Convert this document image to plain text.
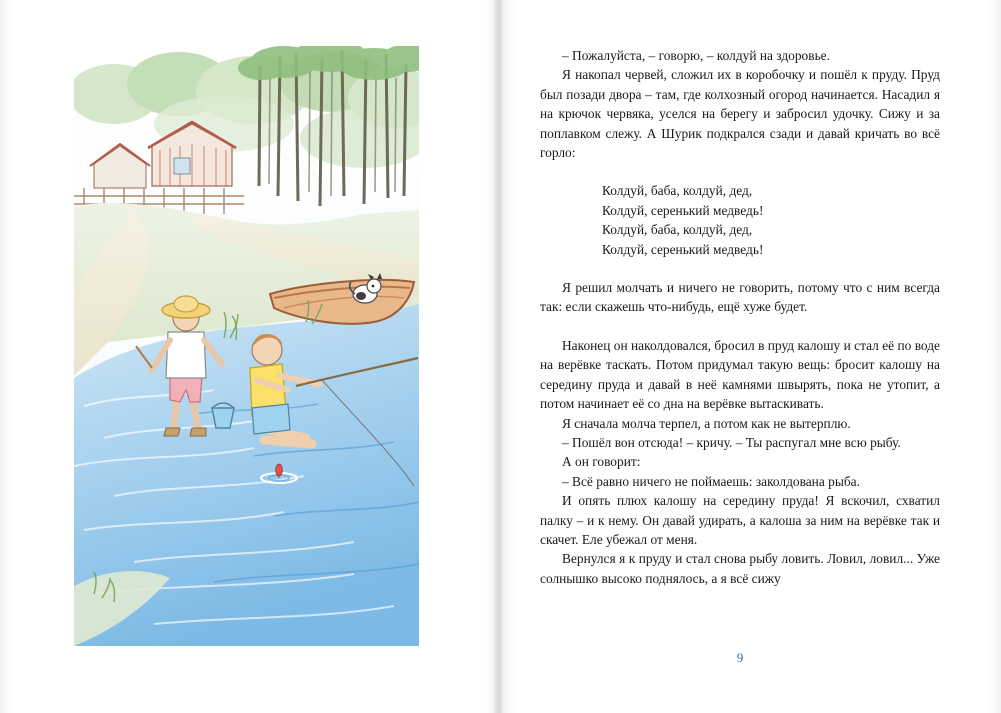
– Пожалуйста, – говорю, – колдуй на здоровье.

Я накопал червей, сложил их в коробочку и пошёл к пруду. Пруд был позади двора – там, где колхозный огород начинается. Насадил я на крючок червяка, уселся на берегу и забросил удочку. Сижу и за поплавком слежу. А Шурик подкрался сзади и давай кричать во всё горло:

Колдуй, баба, колдуй, дед,
Колдуй, серенький медведь!
Колдуй, баба, колдуй, дед,
Колдуй, серенький медведь!

Я решил молчать и ничего не говорить, потому что с ним всегда так: если скажешь что-нибудь, ещё хуже будет.

Наконец он наколдовался, бросил в пруд калошу и стал её по воде на верёвке таскать. Потом придумал такую вещь: бросит калошу на середину пруда и давай в неё камнями швырять, пока не утопит, а потом начинает её со дна на верёвке вытаскивать.

Я сначала молча терпел, а потом как не вытерплю.

– Пошёл вон отсюда! – кричу. – Ты распугал мне всю рыбу.

А он говорит:

– Всё равно ничего не поймаешь: заколдована рыба.

И опять плюх калошу на середину пруда! Я вскочил, схватил палку – и к нему. Он давай удирать, а калоша за ним на верёвке так и скачет. Еле убежал от меня.

Вернулся я к пруду и стал снова рыбу ловить. Ловил, ловил... Уже солнышко высоко поднялось, а я всё сижу

9
